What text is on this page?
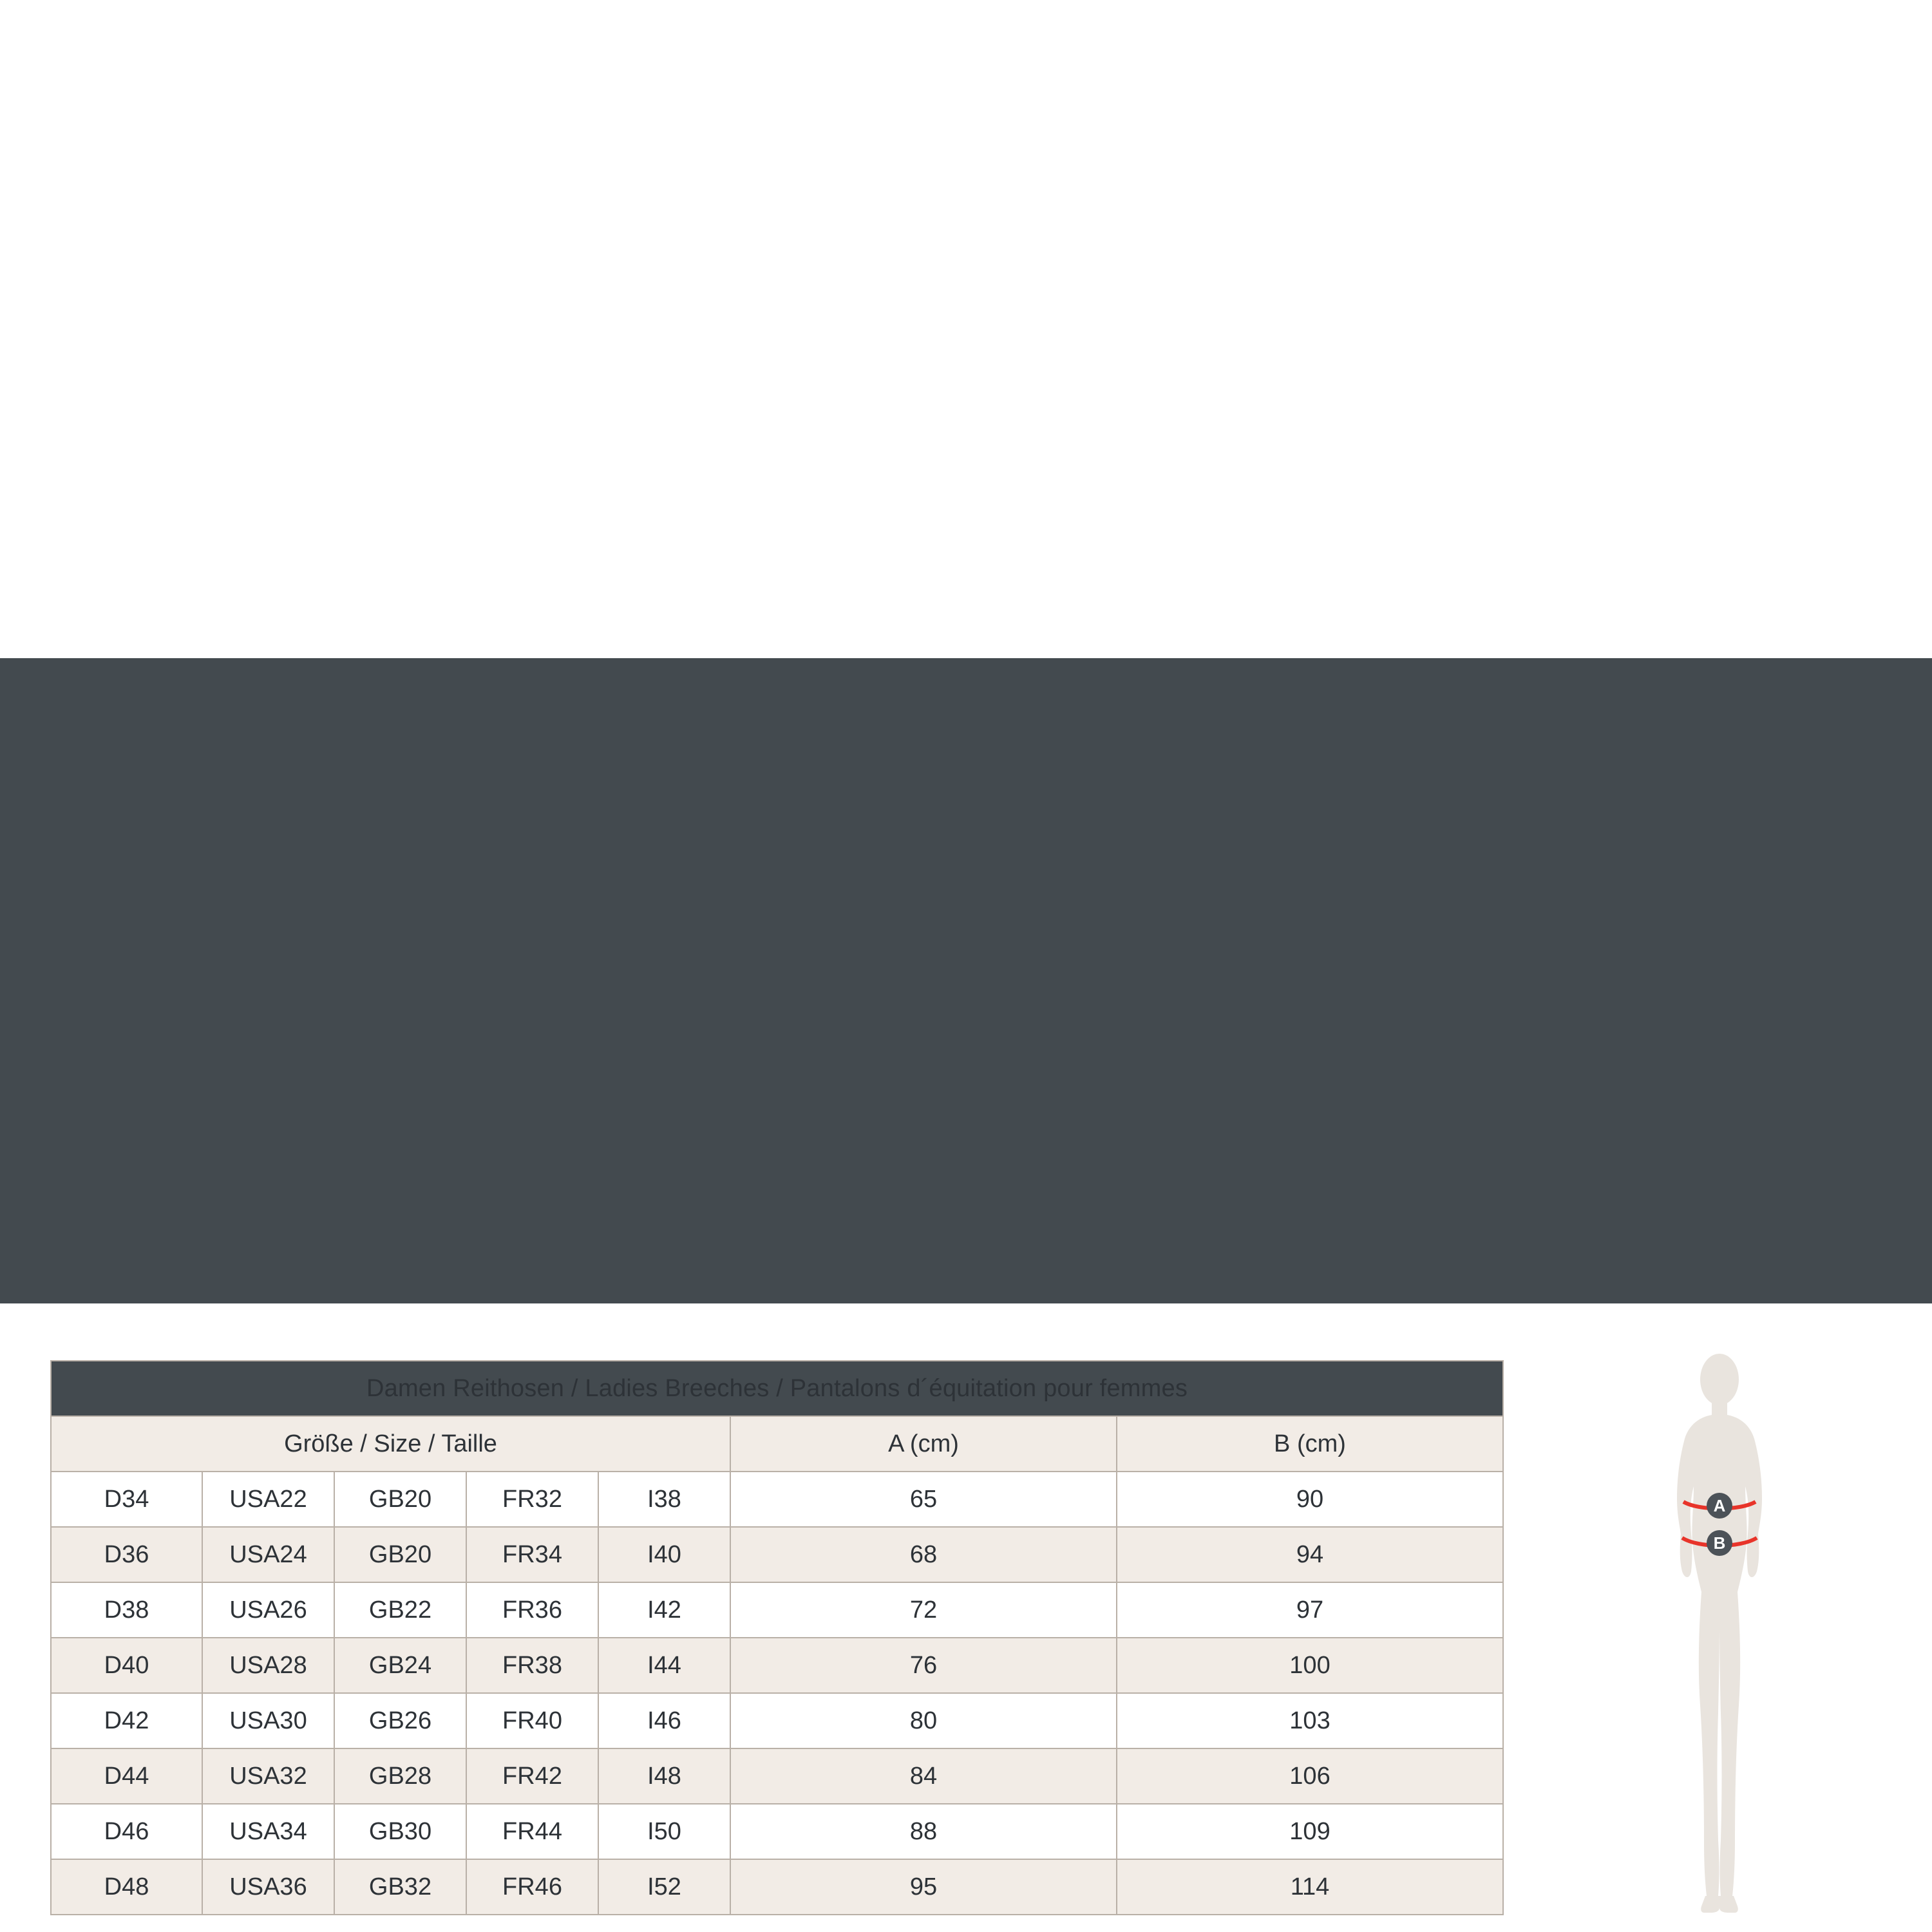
Damen Reithosen / Ladies Breeches / Pantalons d´équitation pour femmes						
Größe / Size / Taille					A (cm)	B (cm)
D34	USA22	GB20	FR32	I38	65	90
D36	USA24	GB20	FR34	I40	68	94
D38	USA26	GB22	FR36	I42	72	97
D40	USA28	GB24	FR38	I44	76	100
D42	USA30	GB26	FR40	I46	80	103
D44	USA32	GB28	FR42	I48	84	106
D46	USA34	GB30	FR44	I50	88	109
D48	USA36	GB32	FR46	I52	95	114
A
B
